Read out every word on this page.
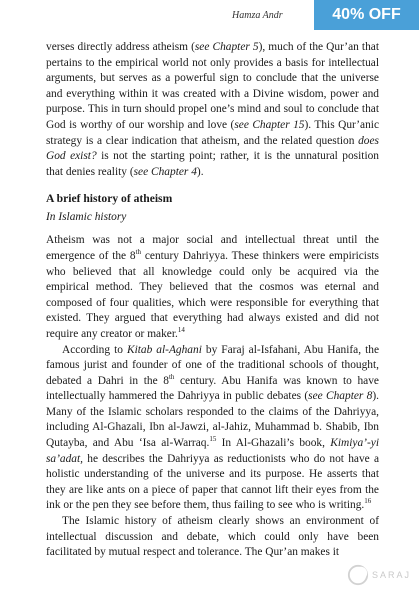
Hamza Andr	40% OFF

verses directly address atheism (see Chapter 5), much of the Qur’an that pertains to the empirical world not only provides a basis for intellectual arguments, but serves as a powerful sign to conclude that the universe and everything within it was created with a Divine wisdom, power and purpose. This in turn should propel one’s mind and soul to conclude that God is worthy of our worship and love (see Chapter 15). This Qur’anic strategy is a clear indication that atheism, and the related question does God exist? is not the starting point; rather, it is the unnatural position that denies reality (see Chapter 4).

A brief history of atheism
In Islamic history

Atheism was not a major social and intellectual threat until the emergence of the 8th century Dahriyya. These thinkers were empiricists who believed that all knowledge could only be acquired via the empirical method. They believed that the cosmos was eternal and composed of four qualities, which were responsible for everything that existed. They argued that everything had always existed and did not require any creator or maker.$^{14}$

According to Kitab al-Aghani by Faraj al-Isfahani, Abu Hanifa, the famous jurist and founder of one of the traditional schools of thought, debated a Dahri in the 8th century. Abu Hanifa was known to have intellectually hammered the Dahriyya in public debates (see Chapter 8). Many of the Islamic scholars responded to the claims of the Dahriyya, including Al-Ghazali, Ibn al-Jawzi, al-Jahiz, Muhammad b. Shabib, Ibn Qutayba, and Abu ‘Isa al-Warraq.$^{15}$ In Al-Ghazali’s book, Kimiya’-yi sa’adat, he describes the Dahriyya as reductionists who do not have a holistic understanding of the universe and its purpose. He asserts that they are like ants on a piece of paper that cannot lift their eyes from the ink or the pen they see before them, thus failing to see who is writing.$^{16}$

The Islamic history of atheism clearly shows an environment of intellectual discussion and debate, which could only have been facilitated by mutual respect and tolerance. The Qur’an makes it

SARAJ
